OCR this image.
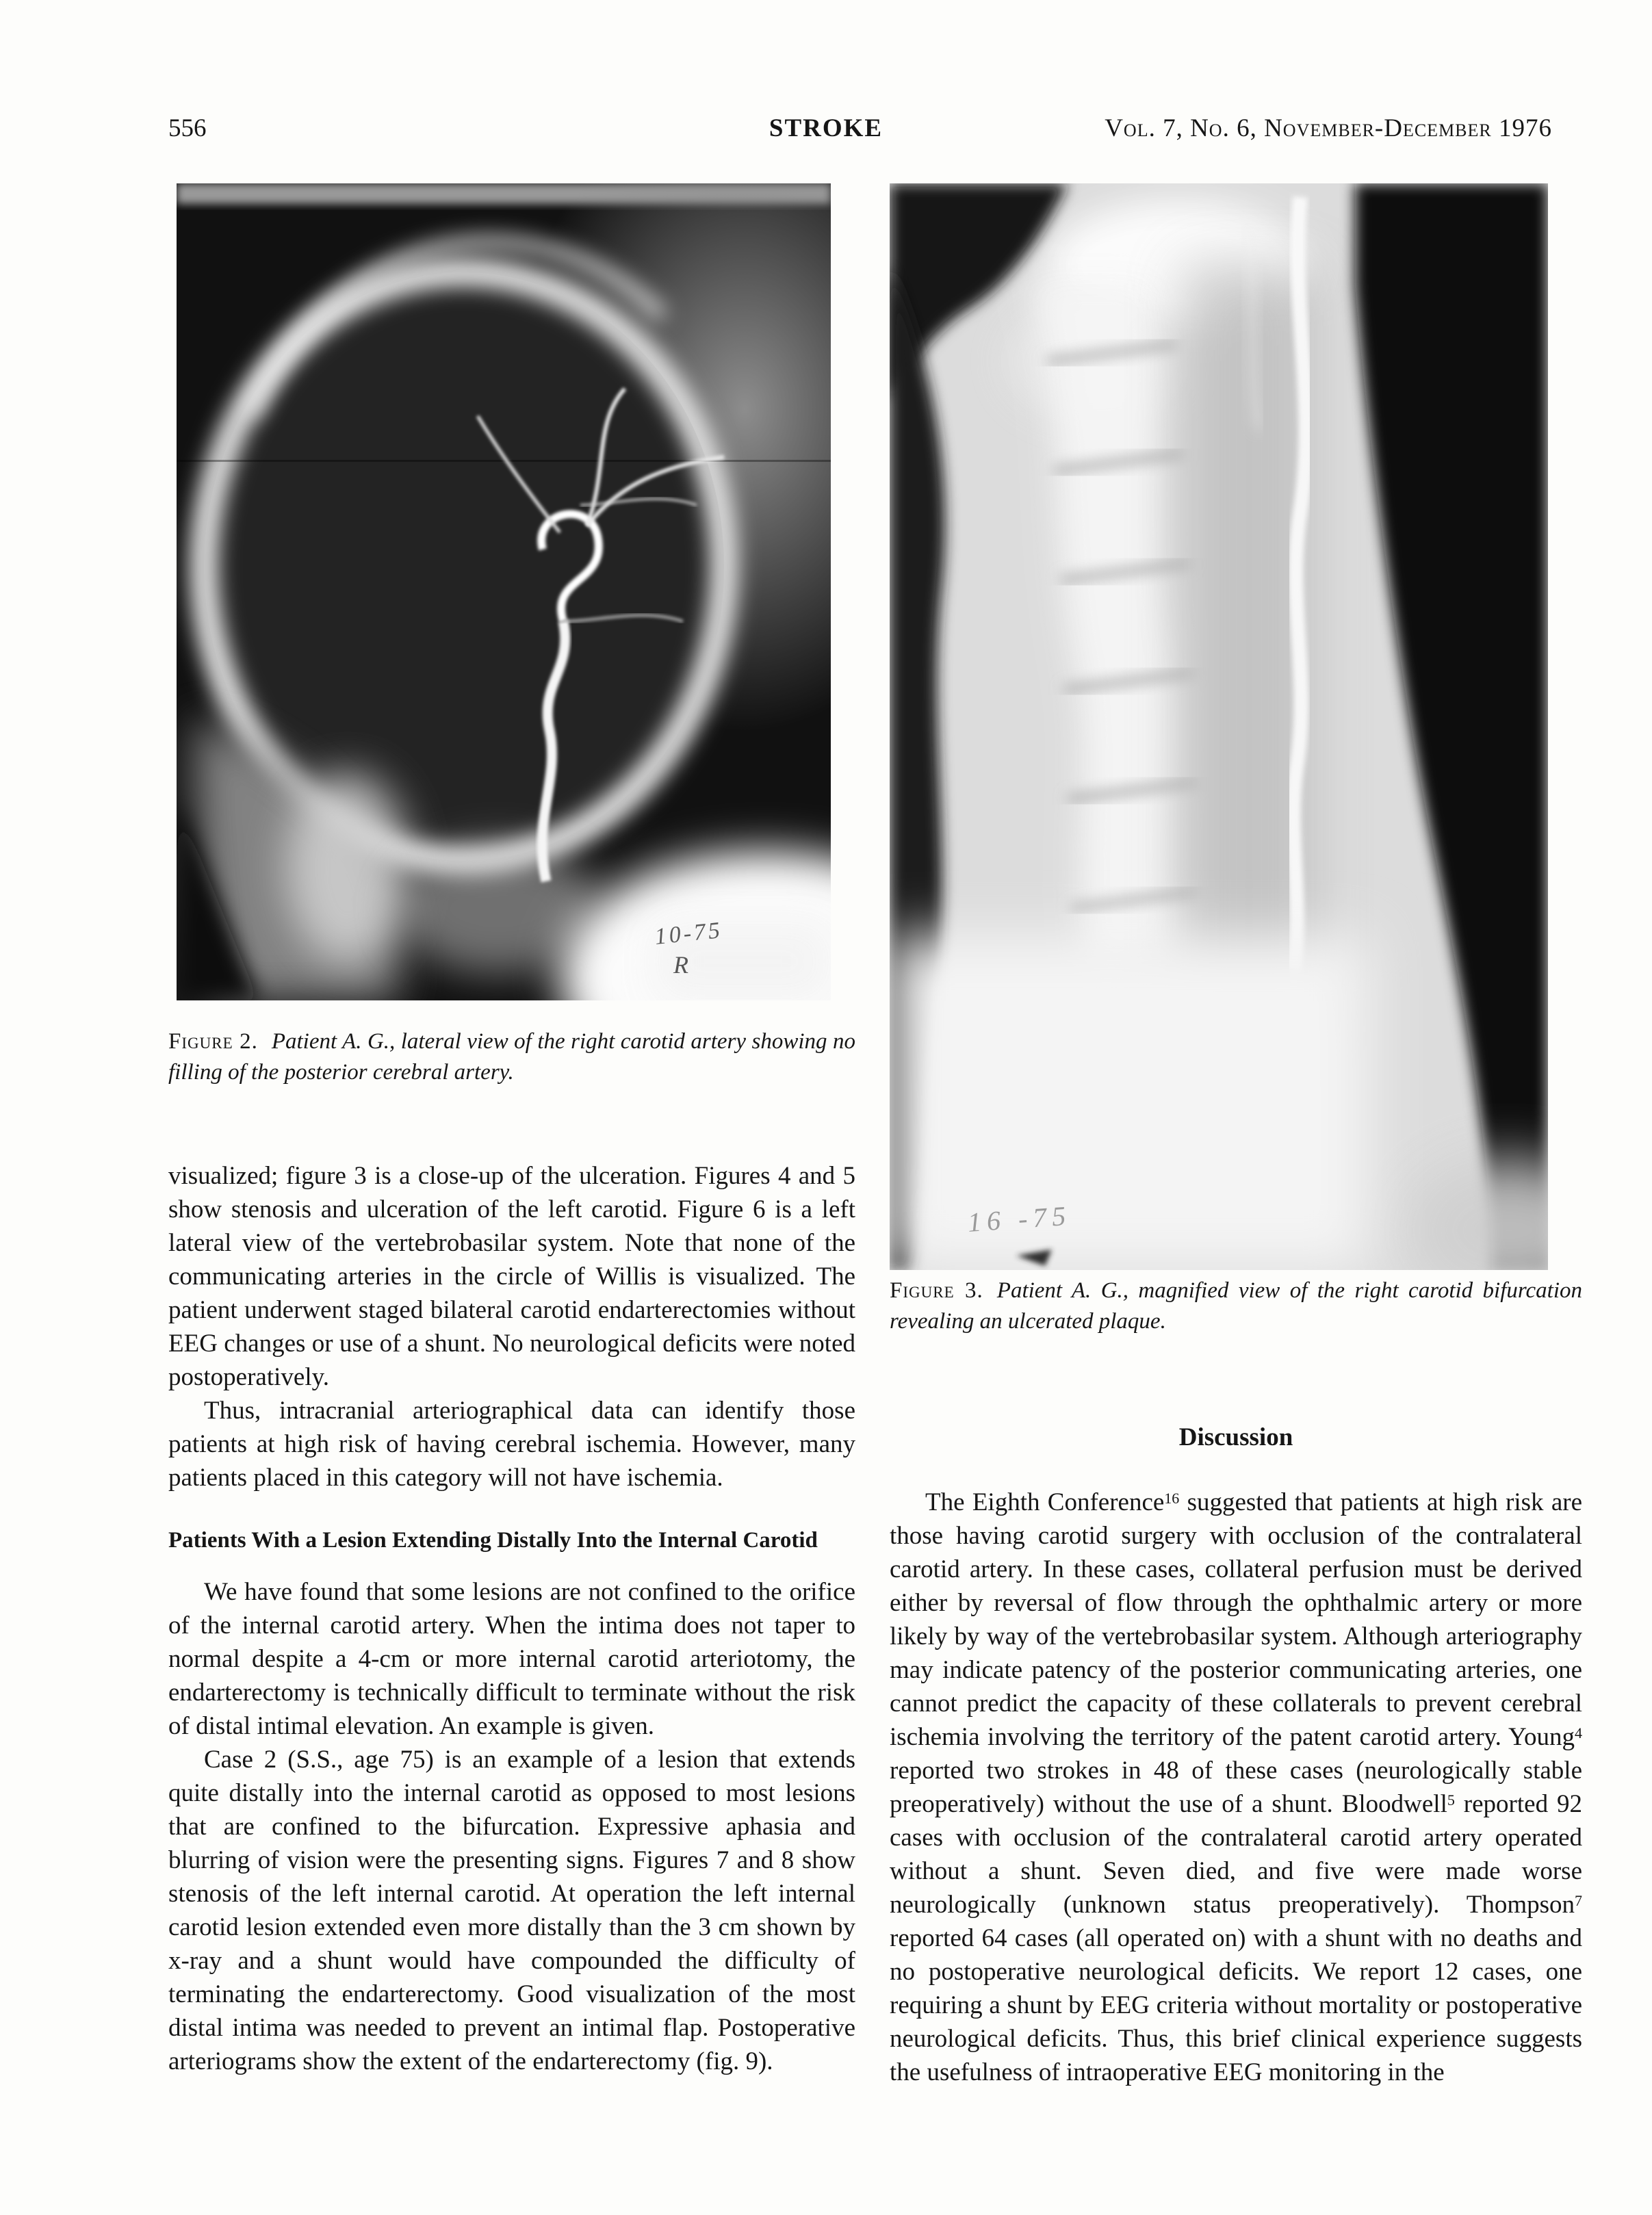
556	STROKE	Vol. 7, No. 6, November-December 1976
10-75
R
16 -75
Figure 2. Patient A. G., lateral view of the right carotid artery showing no filling of the posterior cerebral artery.
Figure 3. Patient A. G., magnified view of the right carotid bifurcation revealing an ulcerated plaque.

visualized; figure 3 is a close-up of the ulceration. Figures 4 and 5 show stenosis and ulceration of the left carotid. Figure 6 is a left lateral view of the vertebrobasilar system. Note that none of the communicating arteries in the circle of Willis is visualized. The patient underwent staged bilateral carotid endarterectomies without EEG changes or use of a shunt. No neurological deficits were noted postoperatively.

Thus, intracranial arteriographical data can identify those patients at high risk of having cerebral ischemia. However, many patients placed in this category will not have ischemia.

Patients With a Lesion Extending Distally Into the Internal Carotid

We have found that some lesions are not confined to the orifice of the internal carotid artery. When the intima does not taper to normal despite a 4-cm or more internal carotid arteriotomy, the endarterectomy is technically difficult to terminate without the risk of distal intimal elevation. An example is given.

Case 2 (S.S., age 75) is an example of a lesion that extends quite distally into the internal carotid as opposed to most lesions that are confined to the bifurcation. Expressive aphasia and blurring of vision were the presenting signs. Figures 7 and 8 show stenosis of the left internal carotid. At operation the left internal carotid lesion extended even more distally than the 3 cm shown by x-ray and a shunt would have compounded the difficulty of terminating the endarterectomy. Good visualization of the most distal intima was needed to prevent an intimal flap. Postoperative arteriograms show the extent of the endarterectomy (fig. 9).

Discussion

The Eighth Conference$^{16}$ suggested that patients at high risk are those having carotid surgery with occlusion of the contralateral carotid artery. In these cases, collateral perfusion must be derived either by reversal of flow through the ophthalmic artery or more likely by way of the vertebrobasilar system. Although arteriography may indicate patency of the posterior communicating arteries, one cannot predict the capacity of these collaterals to prevent cerebral ischemia involving the territory of the patent carotid artery. Young$^4$ reported two strokes in 48 of these cases (neurologically stable preoperatively) without the use of a shunt. Bloodwell$^5$ reported 92 cases with occlusion of the contralateral carotid artery operated without a shunt. Seven died, and five were made worse neurologically (unknown status preoperatively). Thompson$^7$ reported 64 cases (all operated on) with a shunt with no deaths and no postoperative neurological deficits. We report 12 cases, one requiring a shunt by EEG criteria without mortality or postoperative neurological deficits. Thus, this brief clinical experience suggests the usefulness of intraoperative EEG monitoring in the
